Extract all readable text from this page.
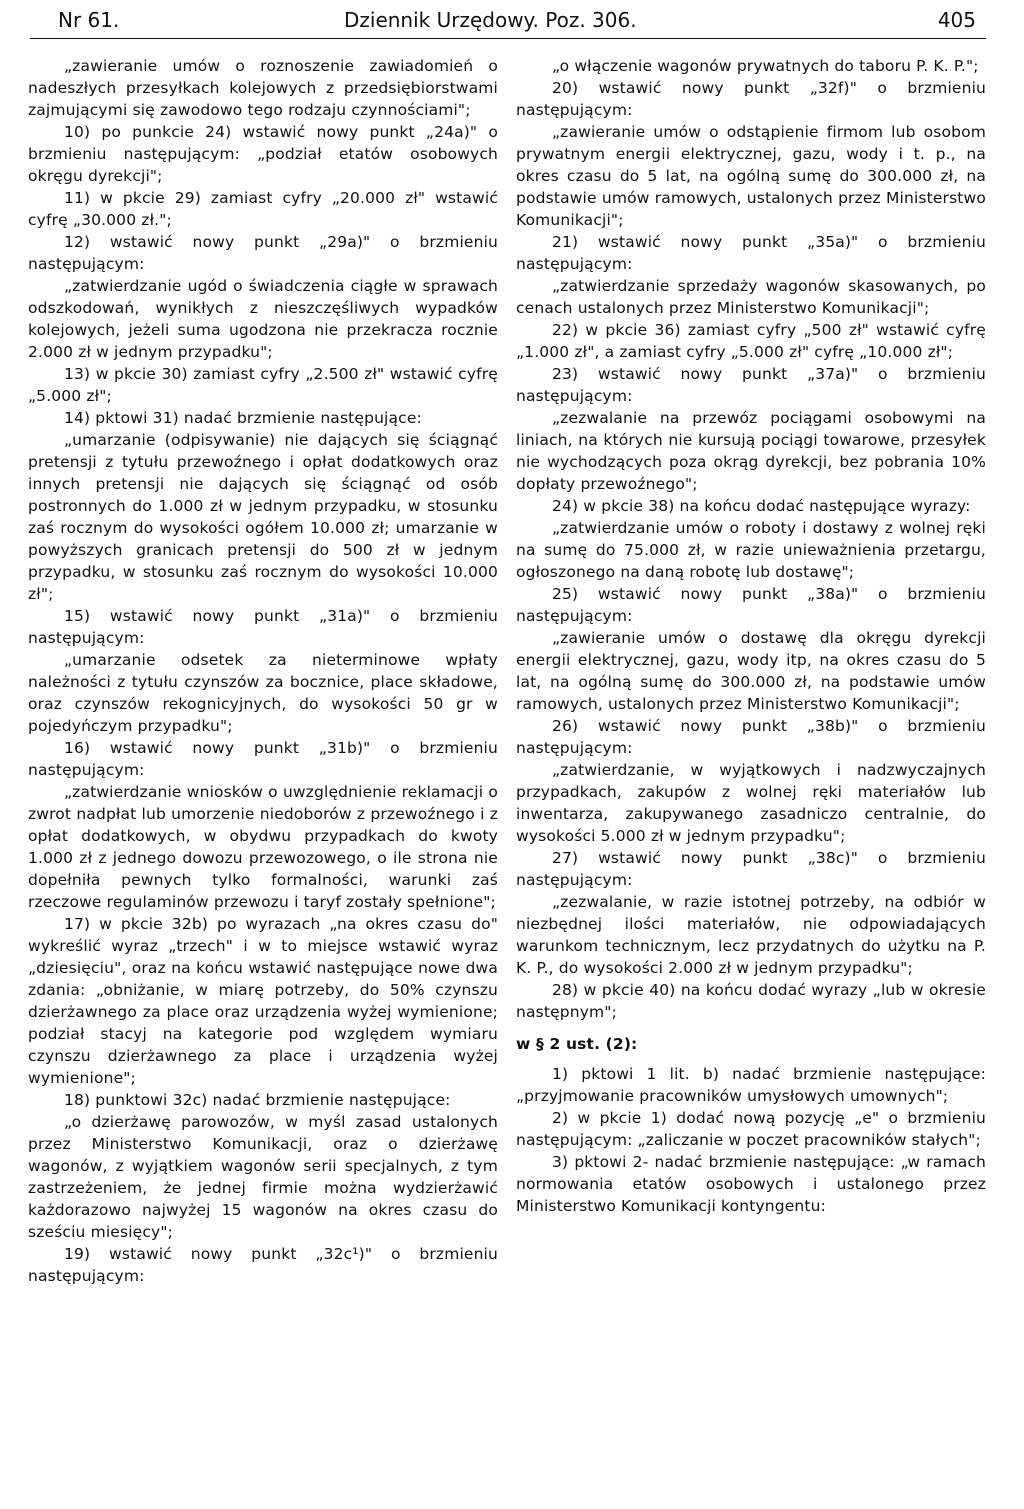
Nr 61.	Dziennik Urzędowy. Poz. 306.	405

„zawieranie umów o roznoszenie zawiadomień o nadeszłych przesyłkach kolejowych z przedsiębiorstwami zajmującymi się zawodowo tego rodzaju czynnościami";

10) po punkcie 24) wstawić nowy punkt „24a)" o brzmieniu następującym: „podział etatów osobowych okręgu dyrekcji";

11) w pkcie 29) zamiast cyfry „20.000 zł" wstawić cyfrę „30.000 zł.";

12) wstawić nowy punkt „29a)" o brzmieniu następującym:

„zatwierdzanie ugód o świadczenia ciągłe w sprawach odszkodowań, wynikłych z nieszczęśliwych wypadków kolejowych, jeżeli suma ugodzona nie przekracza rocznie 2.000 zł w jednym przypadku";

13) w pkcie 30) zamiast cyfry „2.500 zł" wstawić cyfrę „5.000 zł";

14) pktowi 31) nadać brzmienie następujące:

„umarzanie (odpisywanie) nie dających się ściągnąć pretensji z tytułu przewoźnego i opłat dodatkowych oraz innych pretensji nie dających się ściągnąć od osób postronnych do 1.000 zł w jednym przypadku, w stosunku zaś rocznym do wysokości ogółem 10.000 zł; umarzanie w powyższych granicach pretensji do 500 zł w jednym przypadku, w stosunku zaś rocznym do wysokości 10.000 zł";

15) wstawić nowy punkt „31a)" o brzmieniu następującym:

„umarzanie odsetek za nieterminowe wpłaty należności z tytułu czynszów za bocznice, place składowe, oraz czynszów rekognicyjnych, do wysokości 50 gr w pojedyńczym przypadku";

16) wstawić nowy punkt „31b)" o brzmieniu następującym:

„zatwierdzanie wniosków o uwzględnienie reklamacji o zwrot nadpłat lub umorzenie niedoborów z przewoźnego i z opłat dodatkowych, w obydwu przypadkach do kwoty 1.000 zł z jednego dowozu przewozowego, o ile strona nie dopełniła pewnych tylko formalności, warunki zaś rzeczowe regulaminów przewozu i taryf zostały spełnione";

17) w pkcie 32b) po wyrazach „na okres czasu do" wykreślić wyraz „trzech" i w to miejsce wstawić wyraz „dziesięciu", oraz na końcu wstawić następujące nowe dwa zdania: „obniżanie, w miarę potrzeby, do 50% czynszu dzierżawnego za place oraz urządzenia wyżej wymienione; podział stacyj na kategorie pod względem wymiaru czynszu dzierżawnego za place i urządzenia wyżej wymienione";

18) punktowi 32c) nadać brzmienie następujące:

„o dzierżawę parowozów, w myśl zasad ustalonych przez Ministerstwo Komunikacji, oraz o dzierżawę wagonów, z wyjątkiem wagonów serii specjalnych, z tym zastrzeżeniem, że jednej firmie można wydzierżawić każdorazowo najwyżej 15 wagonów na okres czasu do sześciu miesięcy";

19) wstawić nowy punkt „32c¹)" o brzmieniu następującym:

„o włączenie wagonów prywatnych do taboru P. K. P.";

20) wstawić nowy punkt „32f)" o brzmieniu następującym:

„zawieranie umów o odstąpienie firmom lub osobom prywatnym energii elektrycznej, gazu, wody i t. p., na okres czasu do 5 lat, na ogólną sumę do 300.000 zł, na podstawie umów ramowych, ustalonych przez Ministerstwo Komunikacji";

21) wstawić nowy punkt „35a)" o brzmieniu następującym:

„zatwierdzanie sprzedaży wagonów skasowanych, po cenach ustalonych przez Ministerstwo Komunikacji";

22) w pkcie 36) zamiast cyfry „500 zł" wstawić cyfrę „1.000 zł", a zamiast cyfry „5.000 zł" cyfrę „10.000 zł";

23) wstawić nowy punkt „37a)" o brzmieniu następującym:

„zezwalanie na przewóz pociągami osobowymi na liniach, na których nie kursują pociągi towarowe, przesyłek nie wychodzących poza okrąg dyrekcji, bez pobrania 10% dopłaty przewoźnego";

24) w pkcie 38) na końcu dodać następujące wyrazy:

„zatwierdzanie umów o roboty i dostawy z wolnej ręki na sumę do 75.000 zł, w razie unieważnienia przetargu, ogłoszonego na daną robotę lub dostawę";

25) wstawić nowy punkt „38a)" o brzmieniu następującym:

„zawieranie umów o dostawę dla okręgu dyrekcji energii elektrycznej, gazu, wody itp, na okres czasu do 5 lat, na ogólną sumę do 300.000 zł, na podstawie umów ramowych, ustalonych przez Ministerstwo Komunikacji";

26) wstawić nowy punkt „38b)" o brzmieniu następującym:

„zatwierdzanie, w wyjątkowych i nadzwyczajnych przypadkach, zakupów z wolnej ręki materiałów lub inwentarza, zakupywanego zasadniczo centralnie, do wysokości 5.000 zł w jednym przypadku";

27) wstawić nowy punkt „38c)" o brzmieniu następującym:

„zezwalanie, w razie istotnej potrzeby, na odbiór w niezbędnej ilości materiałów, nie odpowiadających warunkom technicznym, lecz przydatnych do użytku na P. K. P., do wysokości 2.000 zł w jednym przypadku";

28) w pkcie 40) na końcu dodać wyrazy „lub w okresie następnym";

w § 2 ust. (2):

1) pktowi 1 lit. b) nadać brzmienie następujące: „przyjmowanie pracowników umysłowych umownych";

2) w pkcie 1) dodać nową pozycję „e" o brzmieniu następującym: „zaliczanie w poczet pracowników stałych";

3) pktowi 2- nadać brzmienie następujące: „w ramach normowania etatów osobowych i ustalonego przez Ministerstwo Komunikacji kontyngentu:
